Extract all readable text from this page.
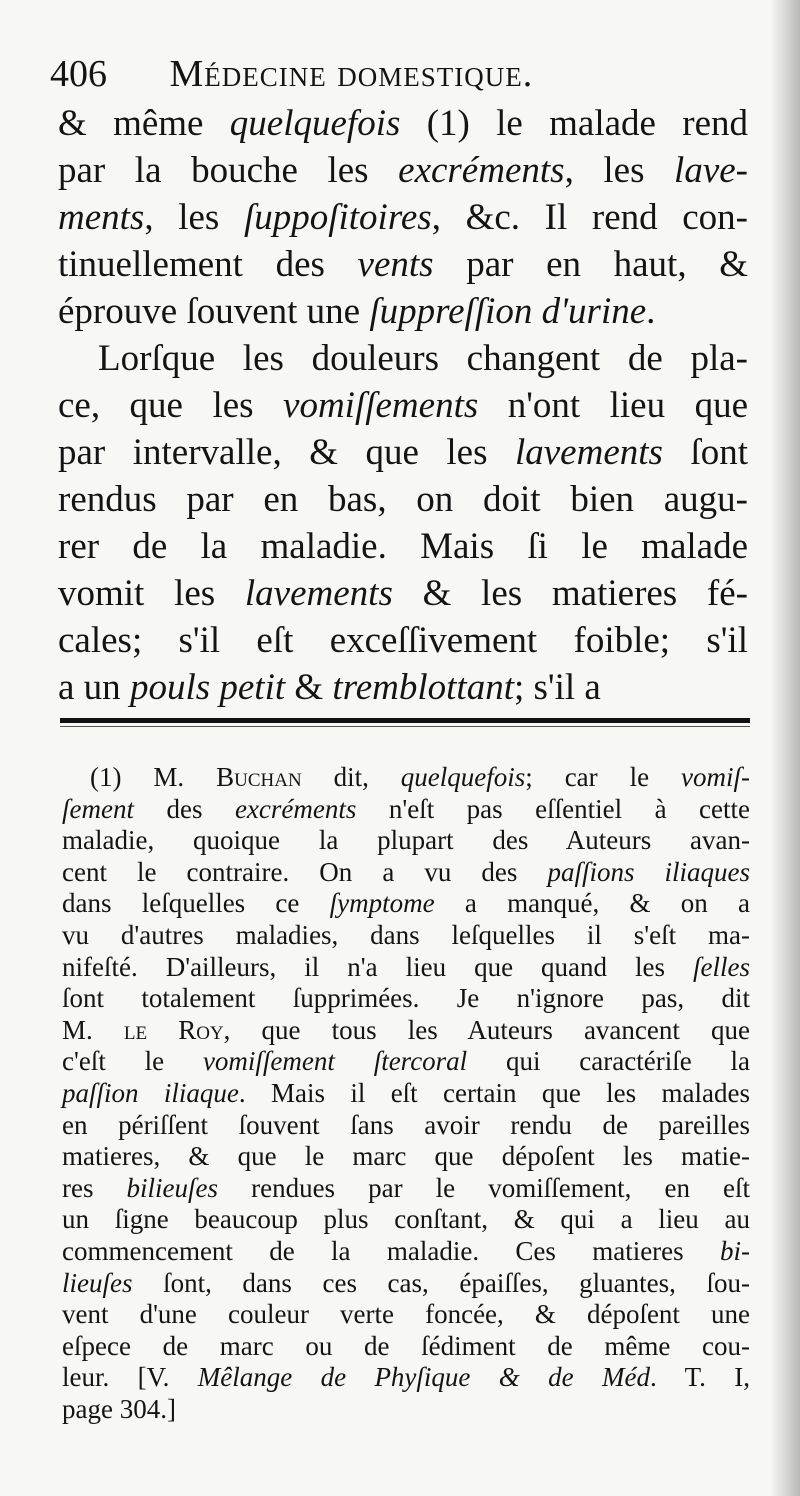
406 Médecine domestique.
& même quelquefois (1) le malade rend
par la bouche les excréments, les lave-
ments, les ſuppoſitoires, &c. Il rend con-
tinuellement des vents par en haut, &
éprouve ſouvent une ſuppreſſion d'urine.
Lorſque les douleurs changent de pla-
ce, que les vomiſſements n'ont lieu que
par intervalle, & que les lavements ſont
rendus par en bas, on doit bien augu-
rer de la maladie. Mais ſi le malade
vomit les lavements & les matieres fé-
cales; s'il eſt exceſſivement foible; s'il
a un pouls petit & tremblottant; s'il a
(1) M. Buchan dit, quelquefois; car le vomiſ-
ſement des excréments n'eſt pas eſſentiel à cette
maladie, quoique la plupart des Auteurs avan-
cent le contraire. On a vu des paſſions iliaques
dans leſquelles ce ſymptome a manqué, & on a
vu d'autres maladies, dans leſquelles il s'eſt ma-
nifeſté. D'ailleurs, il n'a lieu que quand les ſelles
ſont totalement ſupprimées. Je n'ignore pas, dit
M. le Roy, que tous les Auteurs avancent que
c'eſt le vomiſſement ſtercoral qui caractériſe la
paſſion iliaque. Mais il eſt certain que les malades
en périſſent ſouvent ſans avoir rendu de pareilles
matieres, & que le marc que dépoſent les matie-
res bilieuſes rendues par le vomiſſement, en eſt
un ſigne beaucoup plus conſtant, & qui a lieu au
commencement de la maladie. Ces matieres bi-
lieuſes ſont, dans ces cas, épaiſſes, gluantes, ſou-
vent d'une couleur verte foncée, & dépoſent une
eſpece de marc ou de ſédiment de même cou-
leur. [V. Mêlange de Phyſique & de Méd. T. I,
page 304.]
